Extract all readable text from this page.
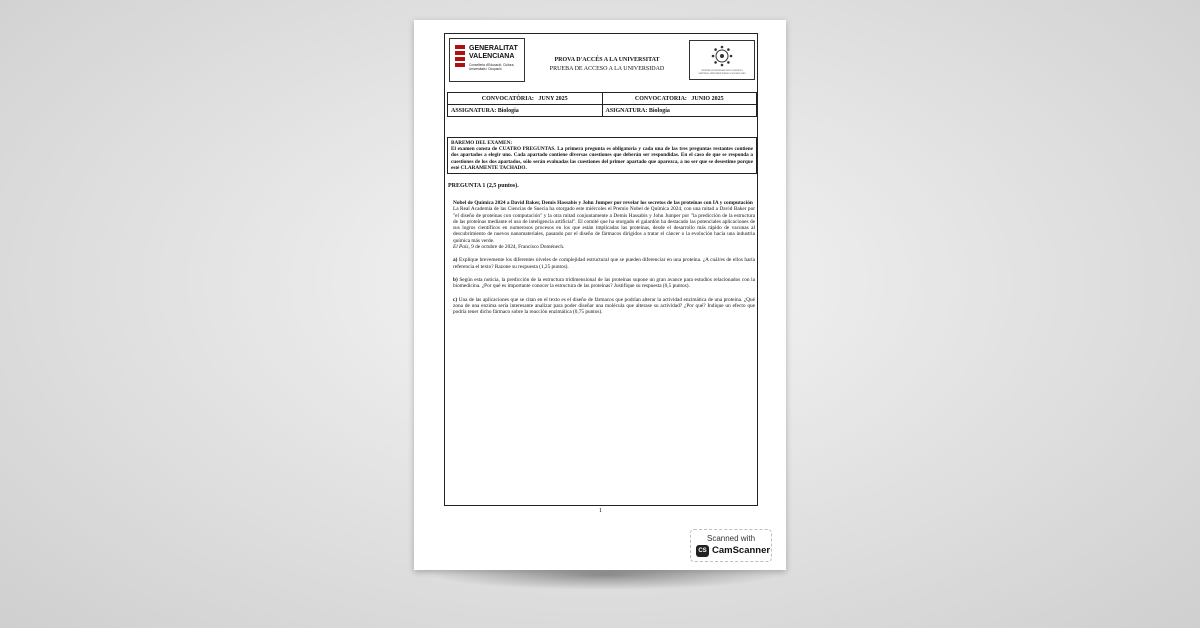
GENERALITAT
VALENCIANA
Conselleria d'Educació, Cultura,
Universitats i Ocupació
PROVA D'ACCÉS A LA UNIVERSITAT
PRUEBA DE ACCESO A LA UNIVERSIDAD	SISTEMA UNIVERSITARI VALENCIÀ
SISTEMA UNIVERSITARIO VALENCIANO
CONVOCATÒRIA: JUNY 2025	CONVOCATORIA: JUNIO 2025
ASSIGNATURA: Biologia	ASIGNATURA: Biología
BAREMO DEL EXAMEN:
El examen consta de CUATRO PREGUNTAS. La primera pregunta es obligatoria y cada una de las tres preguntas restantes contiene dos apartados a elegir uno. Cada apartado contiene diversas cuestiones que deberán ser respondidas. En el caso de que se responda a cuestiones de los dos apartados, sólo serán evaluadas las cuestiones del primer apartado que aparezca, a no ser que se desestime porque esté CLARAMENTE TACHADO.
PREGUNTA 1 (2,5 puntos).
Nobel de Química 2024 a David Baker, Demis Hassabis y John Jumper por revelar los secretos de las proteínas con IA y computación
La Real Academia de las Ciencias de Suecia ha otorgado este miércoles el Premio Nobel de Química 2024, con una mitad a David Baker por "el diseño de proteínas con computación" y la otra mitad conjuntamente a Demis Hassabis y John Jumper por "la predicción de la estructura de las proteínas mediante el uso de inteligencia artificial". El comité que ha otorgado el galardón ha destacado las potenciales aplicaciones de sus logros científicos en numerosos procesos en los que están implicadas las proteínas, desde el desarrollo más rápido de vacunas al descubrimiento de nuevos nanomateriales, pasando por el diseño de fármacos dirigidos a tratar el cáncer o la evolución hacia una industria química más verde.

El País, 9 de octubre de 2024, Francisco Doménech.

a) Explique brevemente los diferentes niveles de complejidad estructural que se pueden diferenciar en una proteína. ¿A cuál/es de ellos haría referencia el texto? Razone su respuesta (1,25 puntos).

b) Según esta noticia, la predicción de la estructura tridimensional de las proteínas supone un gran avance para estudios relacionados con la biomedicina. ¿Por qué es importante conocer la estructura de las proteínas? Justifique su respuesta (0,5 puntos).

c) Una de las aplicaciones que se citan en el texto es el diseño de fármacos que podrían alterar la actividad enzimática de una proteína. ¿Qué zona de una enzima sería interesante analizar para poder diseñar una molécula que alterase su actividad? ¿Por qué? Indique un efecto que podría tener dicho fármaco sobre la reacción enzimática (0,75 puntos).

1
Scanned with
CS CamScanner
